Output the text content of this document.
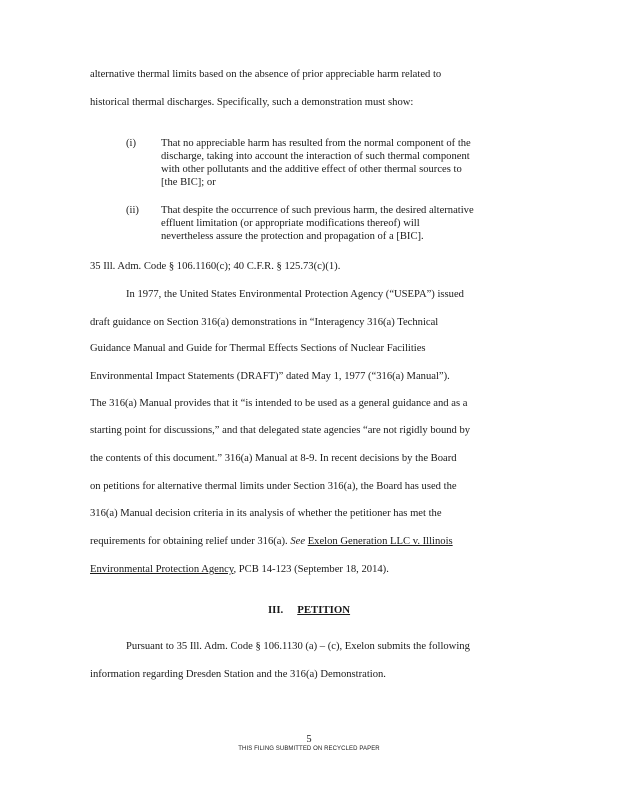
alternative thermal limits based on the absence of prior appreciable harm related to
historical thermal discharges. Specifically, such a demonstration must show:
(i) That no appreciable harm has resulted from the normal component of the
discharge, taking into account the interaction of such thermal component
with other pollutants and the additive effect of other thermal sources to
[the BIC]; or
(ii) That despite the occurrence of such previous harm, the desired alternative
effluent limitation (or appropriate modifications thereof) will
nevertheless assure the protection and propagation of a [BIC].
35 Ill. Adm. Code § 106.1160(c); 40 C.F.R. § 125.73(c)(1).
In 1977, the United States Environmental Protection Agency (“USEPA”) issued
draft guidance on Section 316(a) demonstrations in “Interagency 316(a) Technical
Guidance Manual and Guide for Thermal Effects Sections of Nuclear Facilities
Environmental Impact Statements (DRAFT)” dated May 1, 1977 (“316(a) Manual”).
The 316(a) Manual provides that it “is intended to be used as a general guidance and as a
starting point for discussions,” and that delegated state agencies “are not rigidly bound by
the contents of this document.” 316(a) Manual at 8-9. In recent decisions by the Board
on petitions for alternative thermal limits under Section 316(a), the Board has used the
316(a) Manual decision criteria in its analysis of whether the petitioner has met the
requirements for obtaining relief under 316(a). See Exelon Generation LLC v. Illinois
Environmental Protection Agency, PCB 14-123 (September 18, 2014).
III. PETITION
Pursuant to 35 Ill. Adm. Code § 106.1130 (a) – (c), Exelon submits the following
information regarding Dresden Station and the 316(a) Demonstration.
5
THIS FILING SUBMITTED ON RECYCLED PAPER
